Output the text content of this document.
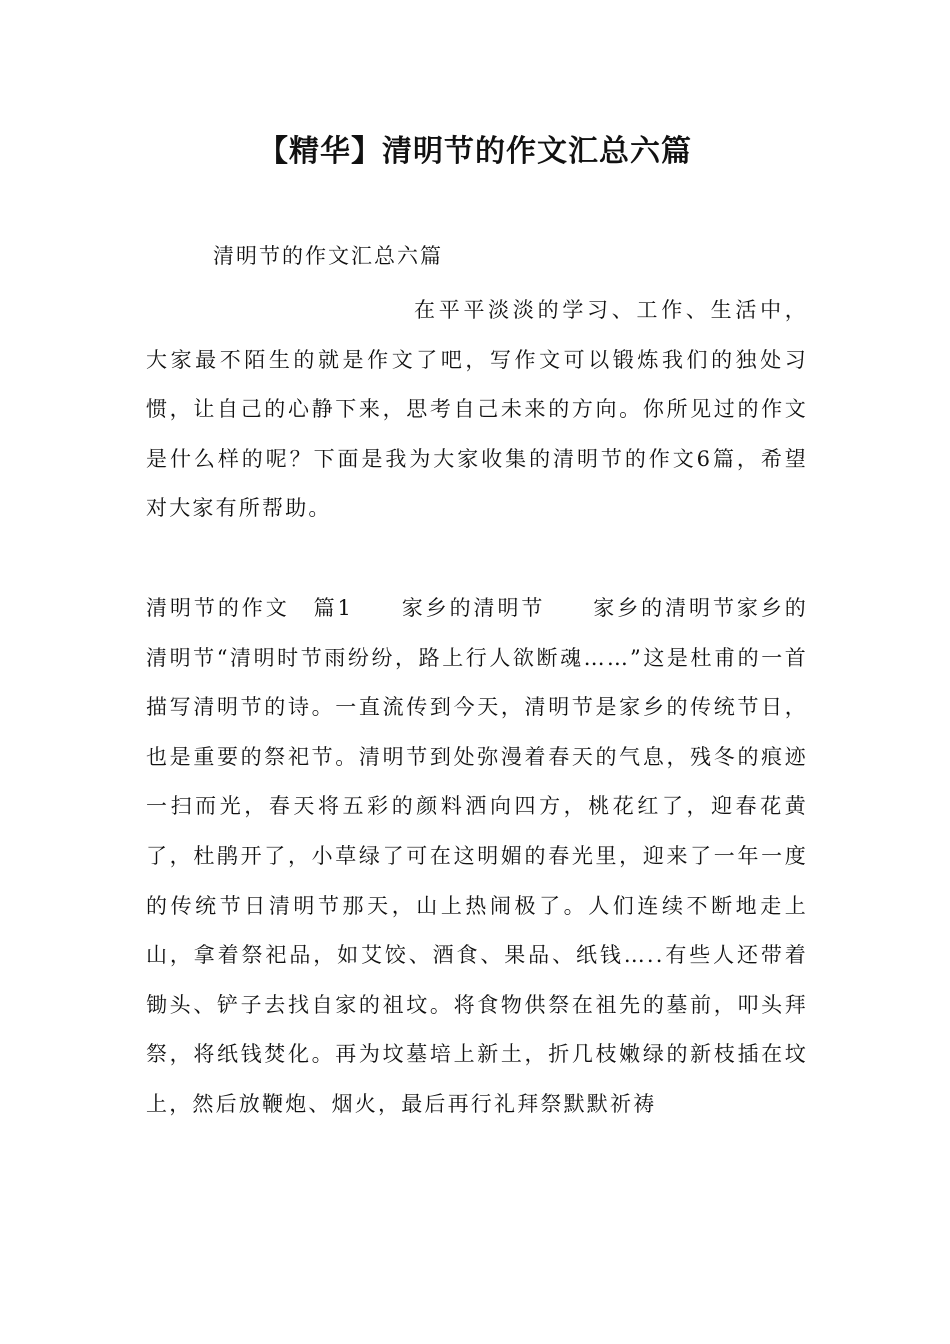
【精华】清明节的作文汇总六篇

清明节的作文汇总六篇

在平平淡淡的学习、工作、生活中，大家最不陌生的就是作文了吧，写作文可以锻炼我们的独处习惯，让自己的心静下来，思考自己未来的方向。你所见过的作文是什么样的呢？下面是我为大家收集的清明节的作文6篇，希望对大家有所帮助。

清明节的作文　篇1　　家乡的清明节　　家乡的清明节家乡的清明节“清明时节雨纷纷，路上行人欲断魂……”这是杜甫的一首描写清明节的诗。一直流传到今天，清明节是家乡的传统节日，也是重要的祭祀节。清明节到处弥漫着春天的气息，残冬的痕迹一扫而光，春天将五彩的颜料洒向四方，桃花红了，迎春花黄了，杜鹃开了，小草绿了可在这明媚的春光里，迎来了一年一度的传统节日清明节那天，山上热闹极了。人们连续不断地走上山，拿着祭祀品，如艾饺、酒食、果品、纸钱…..有些人还带着锄头、铲子去找自家的祖坟。将食物供祭在祖先的墓前，叩头拜祭，将纸钱焚化。再为坟墓培上新土，折几枝嫩绿的新枝插在坟上，然后放鞭炮、烟火，最后再行礼拜祭默默祈祷
